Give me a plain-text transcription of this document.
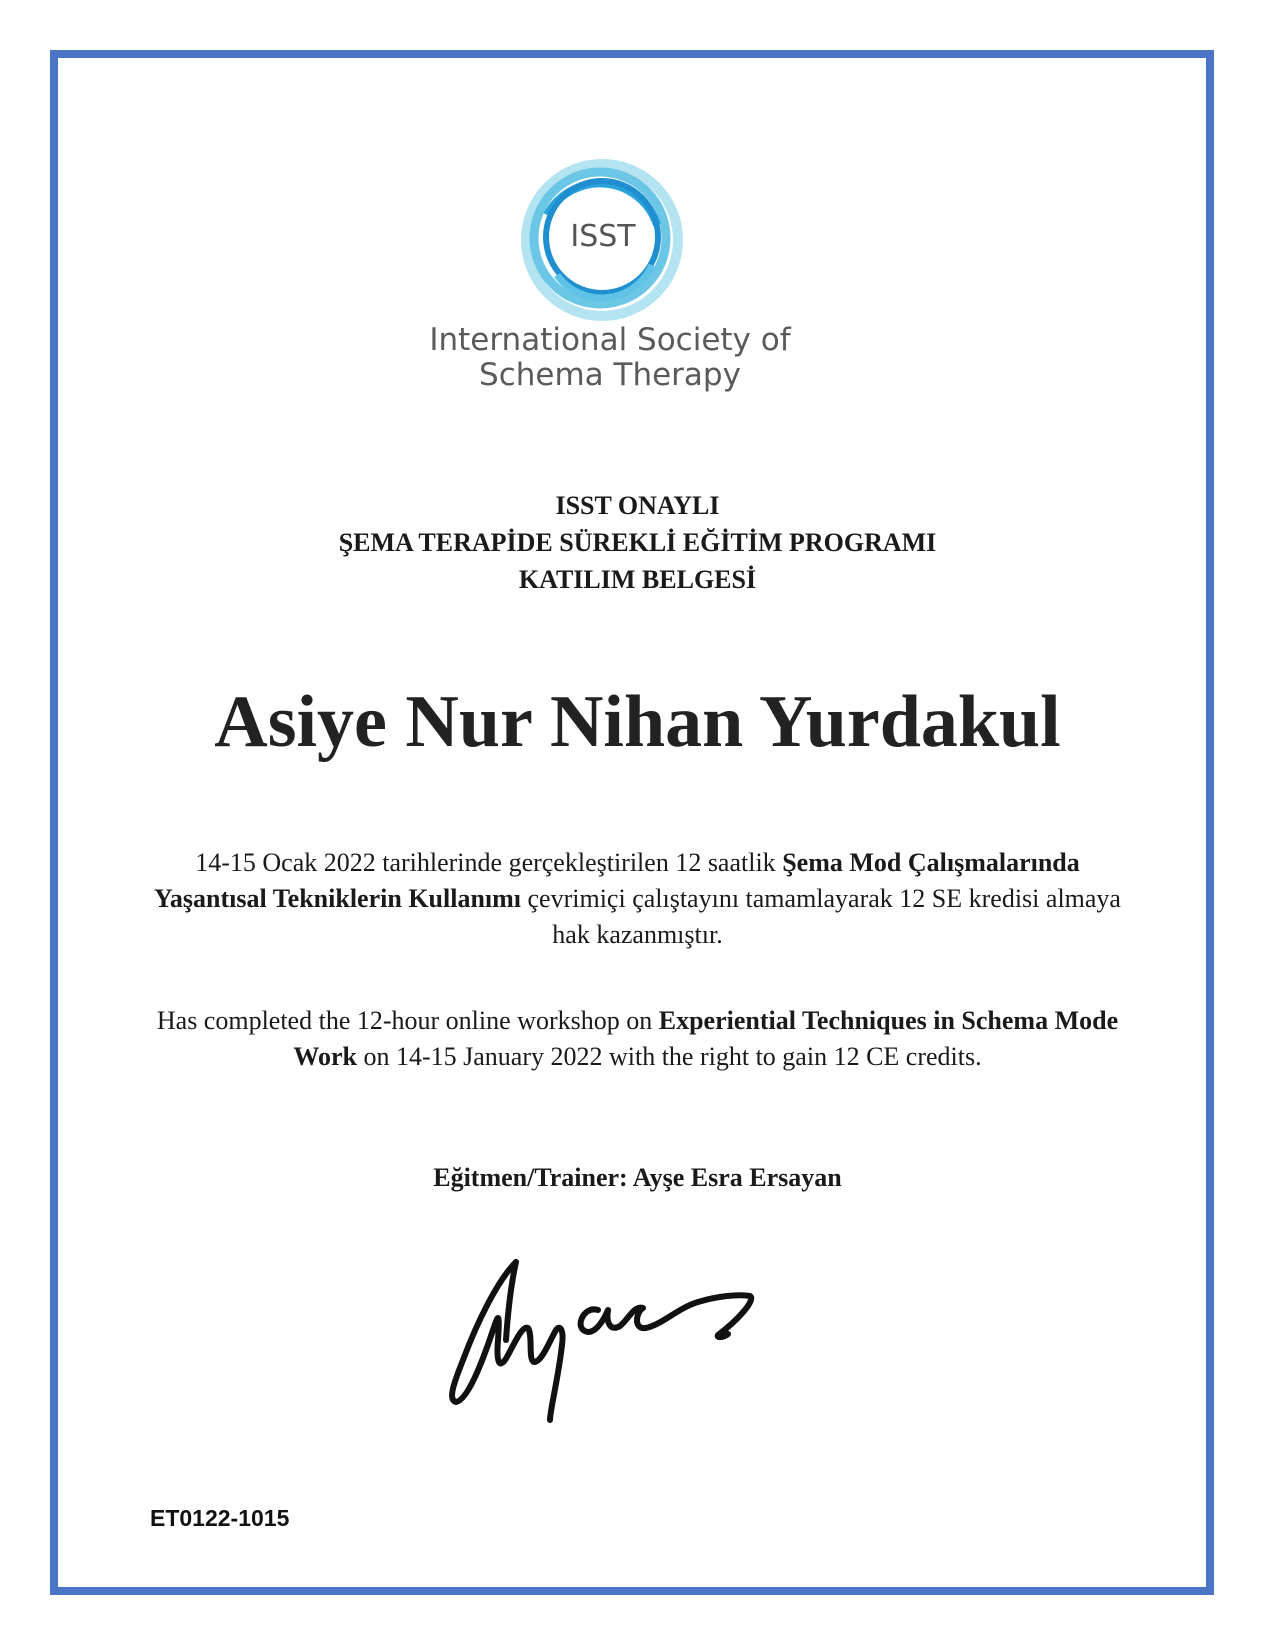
ISST
International Society of
Schema Therapy
ISST ONAYLI
ŞEMA TERAPİDE SÜREKLİ EĞİTİM PROGRAMI
KATILIM BELGESİ
Asiye Nur Nihan Yurdakul
14-15 Ocak 2022 tarihlerinde gerçekleştirilen 12 saatlik Şema Mod Çalışmalarında Yaşantısal Tekniklerin Kullanımı çevrimiçi çalıştayını tamamlayarak 12 SE kredisi almaya hak kazanmıştır.
Has completed the 12-hour online workshop on Experiential Techniques in Schema Mode Work on 14-15 January 2022 with the right to gain 12 CE credits.
Eğitmen/Trainer: Ayşe Esra Ersayan
ET0122-1015
